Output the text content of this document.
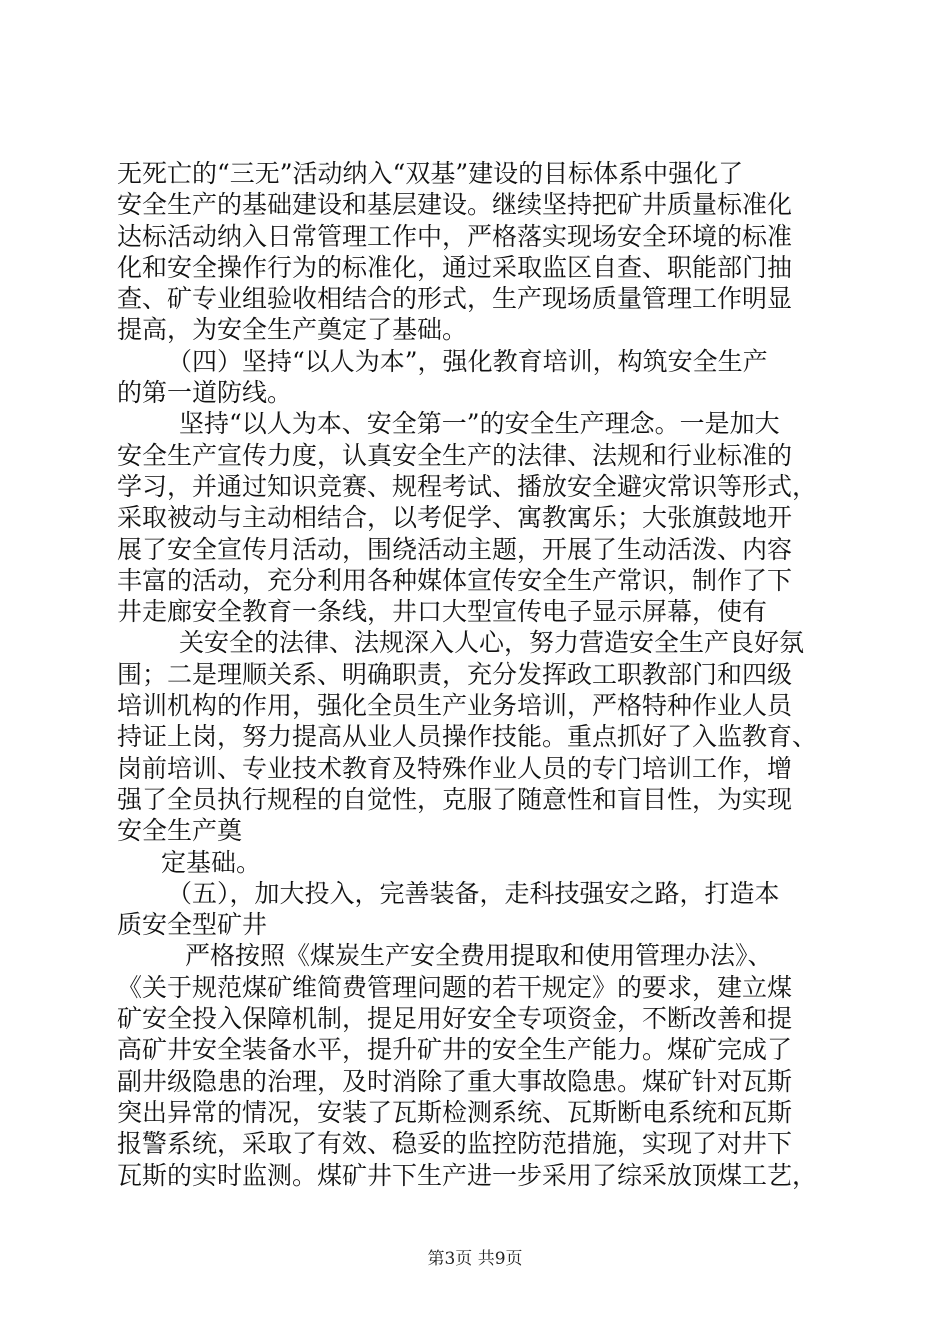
无死亡的“三无”活动纳入“双基”建设的目标体系中强化了
安全生产的基础建设和基层建设。继续坚持把矿井质量标准化
达标活动纳入日常管理工作中，严格落实现场安全环境的标准
化和安全操作行为的标准化，通过采取监区自查、职能部门抽
查、矿专业组验收相结合的形式，生产现场质量管理工作明显
提高，为安全生产奠定了基础。
（四）坚持“以人为本”，强化教育培训，构筑安全生产
的第一道防线。
坚持“以人为本、安全第一”的安全生产理念。一是加大
安全生产宣传力度，认真安全生产的法律、法规和行业标准的
学习，并通过知识竞赛、规程考试、播放安全避灾常识等形式，
采取被动与主动相结合，以考促学、寓教寓乐；大张旗鼓地开
展了安全宣传月活动，围绕活动主题，开展了生动活泼、内容
丰富的活动，充分利用各种媒体宣传安全生产常识，制作了下
井走廊安全教育一条线，井口大型宣传电子显示屏幕，使有
关安全的法律、法规深入人心，努力营造安全生产良好氛
围；二是理顺关系、明确职责，充分发挥政工职教部门和四级
培训机构的作用，强化全员生产业务培训，严格特种作业人员
持证上岗，努力提高从业人员操作技能。重点抓好了入监教育、
岗前培训、专业技术教育及特殊作业人员的专门培训工作，增
强了全员执行规程的自觉性，克服了随意性和盲目性，为实现
安全生产奠
定基础。
（五），加大投入，完善装备，走科技强安之路，打造本
质安全型矿井
严格按照《煤炭生产安全费用提取和使用管理办法》、
《关于规范煤矿维简费管理问题的若干规定》的要求，建立煤
矿安全投入保障机制，提足用好安全专项资金，不断改善和提
高矿井安全装备水平，提升矿井的安全生产能力。煤矿完成了
副井级隐患的治理，及时消除了重大事故隐患。煤矿针对瓦斯
突出异常的情况，安装了瓦斯检测系统、瓦斯断电系统和瓦斯
报警系统，采取了有效、稳妥的监控防范措施，实现了对井下
瓦斯的实时监测。煤矿井下生产进一步采用了综采放顶煤工艺，
第3页 共9页
